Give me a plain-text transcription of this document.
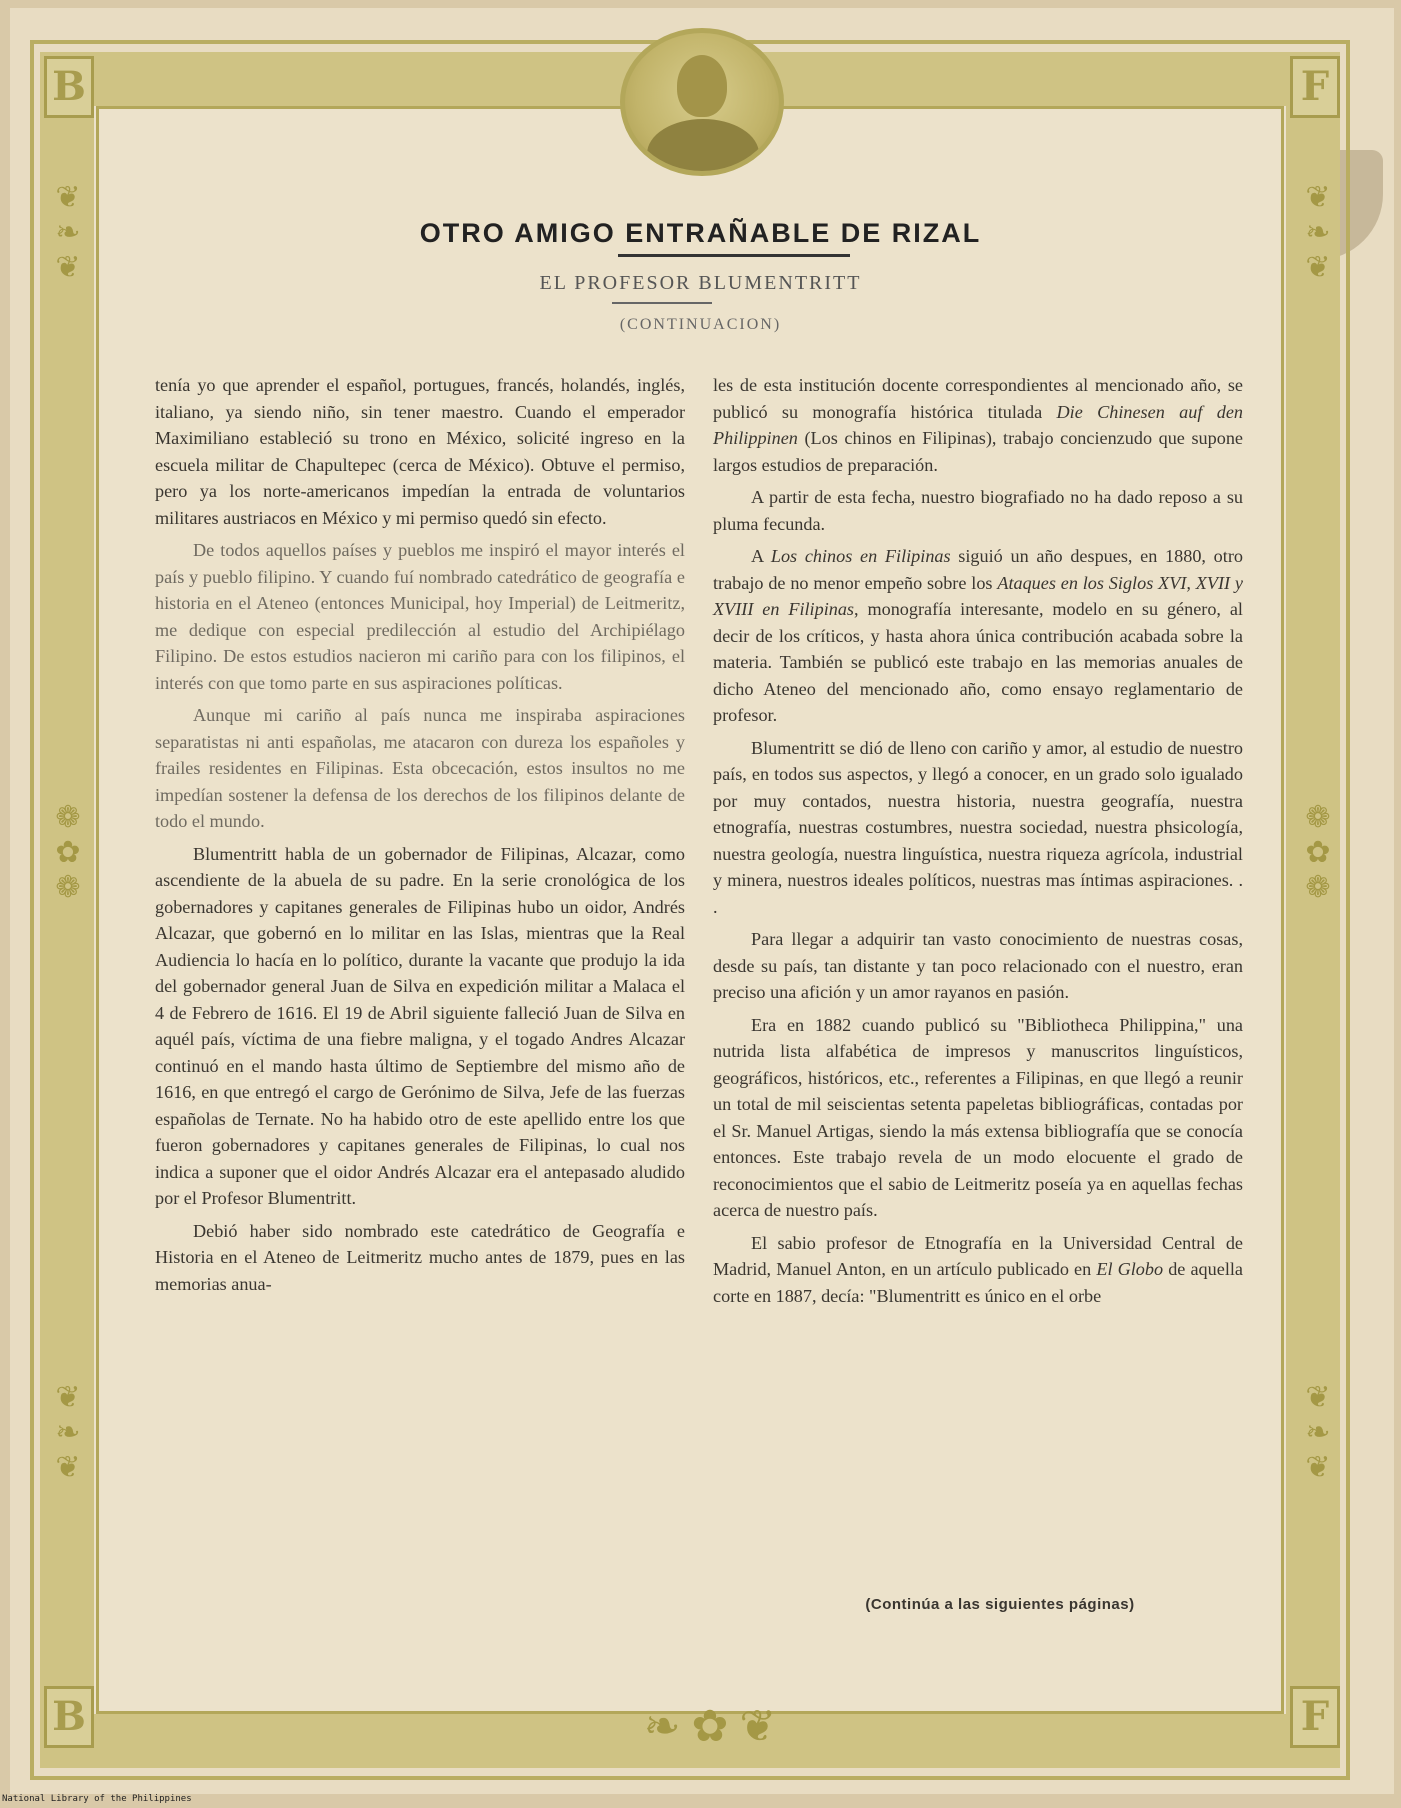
B	F
B	F
❦
❧
❦
❁
✿
❁
❦
❧
❦
❦
❧
❦
❁
✿
❁
❦
❧
❦
❧ ✿ ❦
OTRO AMIGO ENTRAÑABLE DE RIZAL
EL PROFESOR BLUMENTRITT
(CONTINUACION)

tenía yo que aprender el español, portugues, francés, holandés, inglés, italiano, ya siendo niño, sin tener maestro. Cuando el emperador Maximiliano estableció su trono en México, solicité ingreso en la escuela militar de Chapultepec (cerca de México). Obtuve el permiso, pero ya los norte-americanos impedían la entrada de voluntarios militares austriacos en México y mi permiso quedó sin efecto.

De todos aquellos países y pueblos me inspiró el mayor interés el país y pueblo filipino. Y cuando fuí nombrado catedrático de geografía e historia en el Ateneo (entonces Municipal, hoy Imperial) de Leitmeritz, me dedique con especial predilección al estudio del Archipiélago Filipino. De estos estudios nacieron mi cariño para con los filipinos, el interés con que tomo parte en sus aspiraciones políticas.

Aunque mi cariño al país nunca me inspiraba aspiraciones separatistas ni anti españolas, me atacaron con dureza los españoles y frailes residentes en Filipinas. Esta obcecación, estos insultos no me impedían sostener la defensa de los derechos de los filipinos delante de todo el mundo.

Blumentritt habla de un gobernador de Filipinas, Alcazar, como ascendiente de la abuela de su padre. En la serie cronológica de los gobernadores y capitanes generales de Filipinas hubo un oidor, Andrés Alcazar, que gobernó en lo militar en las Islas, mientras que la Real Audiencia lo hacía en lo político, durante la vacante que produjo la ida del gobernador general Juan de Silva en expedición militar a Malaca el 4 de Febrero de 1616. El 19 de Abril siguiente falleció Juan de Silva en aquél país, víctima de una fiebre maligna, y el togado Andres Alcazar continuó en el mando hasta último de Septiembre del mismo año de 1616, en que entregó el cargo de Gerónimo de Silva, Jefe de las fuerzas españolas de Ternate. No ha habido otro de este apellido entre los que fueron gobernadores y capitanes generales de Filipinas, lo cual nos indica a suponer que el oidor Andrés Alcazar era el antepasado aludido por el Profesor Blumentritt.

Debió haber sido nombrado este catedrático de Geografía e Historia en el Ateneo de Leitmeritz mucho antes de 1879, pues en las memorias anua-

les de esta institución docente correspondientes al mencionado año, se publicó su monografía histórica titulada Die Chinesen auf den Philippinen (Los chinos en Filipinas), trabajo concienzudo que supone largos estudios de preparación.

A partir de esta fecha, nuestro biografiado no ha dado reposo a su pluma fecunda.

A Los chinos en Filipinas siguió un año despues, en 1880, otro trabajo de no menor empeño sobre los Ataques en los Siglos XVI, XVII y XVIII en Filipinas, monografía interesante, modelo en su género, al decir de los críticos, y hasta ahora única contribución acabada sobre la materia. También se publicó este trabajo en las memorias anuales de dicho Ateneo del mencionado año, como ensayo reglamentario de profesor.

Blumentritt se dió de lleno con cariño y amor, al estudio de nuestro país, en todos sus aspectos, y llegó a conocer, en un grado solo igualado por muy contados, nuestra historia, nuestra geografía, nuestra etnografía, nuestras costumbres, nuestra sociedad, nuestra phsicología, nuestra geología, nuestra linguística, nuestra riqueza agrícola, industrial y minera, nuestros ideales políticos, nuestras mas íntimas aspiraciones. . .

Para llegar a adquirir tan vasto conocimiento de nuestras cosas, desde su país, tan distante y tan poco relacionado con el nuestro, eran preciso una afición y un amor rayanos en pasión.

Era en 1882 cuando publicó su "Bibliotheca Philippina," una nutrida lista alfabética de impresos y manuscritos linguísticos, geográficos, históricos, etc., referentes a Filipinas, en que llegó a reunir un total de mil seiscientas setenta papeletas bibliográficas, contadas por el Sr. Manuel Artigas, siendo la más extensa bibliografía que se conocía entonces. Este trabajo revela de un modo elocuente el grado de reconocimientos que el sabio de Leitmeritz poseía ya en aquellas fechas acerca de nuestro país.

El sabio profesor de Etnografía en la Universidad Central de Madrid, Manuel Anton, en un artículo publicado en El Globo de aquella corte en 1887, decía: "Blumentritt es único en el orbe

(Continúa a las siguientes páginas)
National Library of the Philippines
